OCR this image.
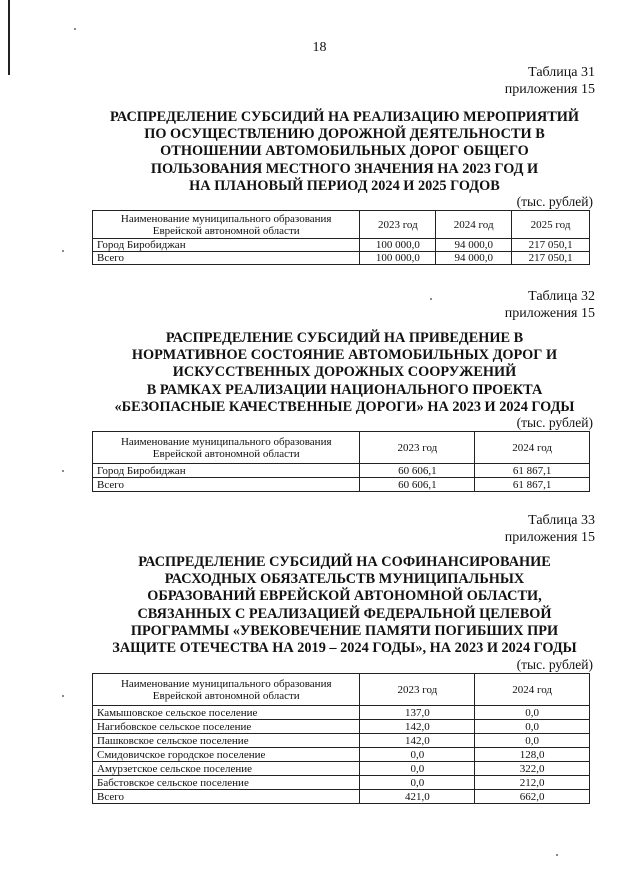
18
Таблица 31
приложения 15
РАСПРЕДЕЛЕНИЕ СУБСИДИЙ НА РЕАЛИЗАЦИЮ МЕРОПРИЯТИЙ
ПО ОСУЩЕСТВЛЕНИЮ ДОРОЖНОЙ ДЕЯТЕЛЬНОСТИ В
ОТНОШЕНИИ АВТОМОБИЛЬНЫХ ДОРОГ ОБЩЕГО
ПОЛЬЗОВАНИЯ МЕСТНОГО ЗНАЧЕНИЯ НА 2023 ГОД И
НА ПЛАНОВЫЙ ПЕРИОД 2024 И 2025 ГОДОВ
(тыс. рублей)
Наименование муниципального образования
Еврейской автономной области	2023 год	2024 год	2025 год
Город Биробиджан	100 000,0	94 000,0	217 050,1
Всего	100 000,0	94 000,0	217 050,1
Таблица 32
приложения 15
РАСПРЕДЕЛЕНИЕ СУБСИДИЙ НА ПРИВЕДЕНИЕ В
НОРМАТИВНОЕ СОСТОЯНИЕ АВТОМОБИЛЬНЫХ ДОРОГ И
ИСКУССТВЕННЫХ ДОРОЖНЫХ СООРУЖЕНИЙ
В РАМКАХ РЕАЛИЗАЦИИ НАЦИОНАЛЬНОГО ПРОЕКТА
«БЕЗОПАСНЫЕ КАЧЕСТВЕННЫЕ ДОРОГИ» НА 2023 И 2024 ГОДЫ
(тыс. рублей)
Наименование муниципального образования
Еврейской автономной области	2023 год	2024 год
Город Биробиджан	60 606,1	61 867,1
Всего	60 606,1	61 867,1
Таблица 33
приложения 15
РАСПРЕДЕЛЕНИЕ СУБСИДИЙ НА СОФИНАНСИРОВАНИЕ
РАСХОДНЫХ ОБЯЗАТЕЛЬСТВ МУНИЦИПАЛЬНЫХ
ОБРАЗОВАНИЙ ЕВРЕЙСКОЙ АВТОНОМНОЙ ОБЛАСТИ,
СВЯЗАННЫХ С РЕАЛИЗАЦИЕЙ ФЕДЕРАЛЬНОЙ ЦЕЛЕВОЙ
ПРОГРАММЫ «УВЕКОВЕЧЕНИЕ ПАМЯТИ ПОГИБШИХ ПРИ
ЗАЩИТЕ ОТЕЧЕСТВА НА 2019 – 2024 ГОДЫ», НА 2023 И 2024 ГОДЫ
(тыс. рублей)
Наименование муниципального образования
Еврейской автономной области	2023 год	2024 год
Камышовское сельское поселение	137,0	0,0
Нагибовское сельское поселение	142,0	0,0
Пашковское сельское поселение	142,0	0,0
Смидовичское городское поселение	0,0	128,0
Амурзетское сельское поселение	0,0	322,0
Бабстовское сельское поселение	0,0	212,0
Всего	421,0	662,0
